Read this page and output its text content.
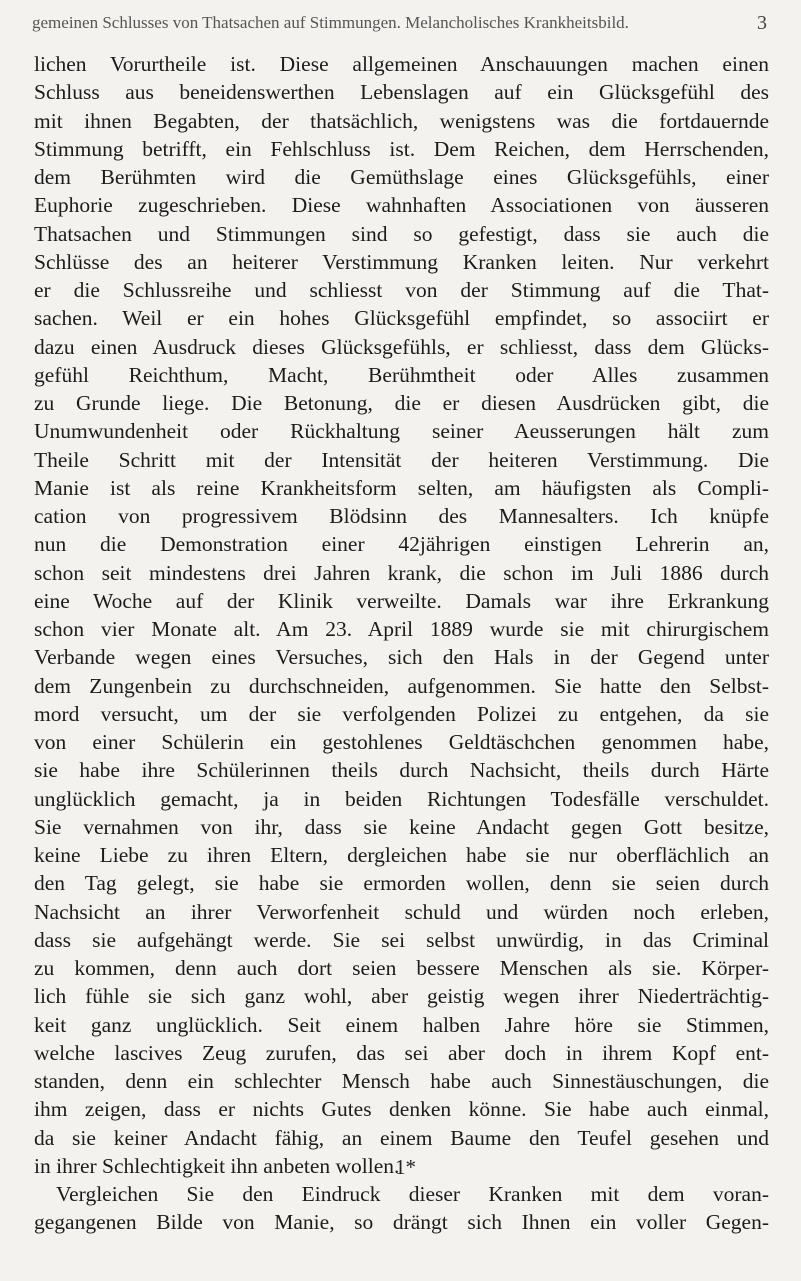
gemeinen Schlusses von Thatsachen auf Stimmungen. Melancholisches Krankheitsbild.	3
lichen Vorurtheile ist. Diese allgemeinen Anschauungen machen einen
Schluss aus beneidenswerthen Lebenslagen auf ein Glücksgefühl des
mit ihnen Begabten, der thatsächlich, wenigstens was die fortdauernde
Stimmung betrifft, ein Fehlschluss ist. Dem Reichen, dem Herrschenden,
dem Berühmten wird die Gemüthslage eines Glücksgefühls, einer
Euphorie zugeschrieben. Diese wahnhaften Associationen von äusseren
Thatsachen und Stimmungen sind so gefestigt, dass sie auch die
Schlüsse des an heiterer Verstimmung Kranken leiten. Nur verkehrt
er die Schlussreihe und schliesst von der Stimmung auf die That-
sachen. Weil er ein hohes Glücksgefühl empfindet, so associirt er
dazu einen Ausdruck dieses Glücksgefühls, er schliesst, dass dem Glücks-
gefühl Reichthum, Macht, Berühmtheit oder Alles zusammen
zu Grunde liege. Die Betonung, die er diesen Ausdrücken gibt, die
Unumwundenheit oder Rückhaltung seiner Aeusserungen hält zum
Theile Schritt mit der Intensität der heiteren Verstimmung. Die
Manie ist als reine Krankheitsform selten, am häufigsten als Compli-
cation von progressivem Blödsinn des Mannesalters. Ich knüpfe
nun die Demonstration einer 42jährigen einstigen Lehrerin an,
schon seit mindestens drei Jahren krank, die schon im Juli 1886 durch
eine Woche auf der Klinik verweilte. Damals war ihre Erkrankung
schon vier Monate alt. Am 23. April 1889 wurde sie mit chirurgischem
Verbande wegen eines Versuches, sich den Hals in der Gegend unter
dem Zungenbein zu durchschneiden, aufgenommen. Sie hatte den Selbst-
mord versucht, um der sie verfolgenden Polizei zu entgehen, da sie
von einer Schülerin ein gestohlenes Geldtäschchen genommen habe,
sie habe ihre Schülerinnen theils durch Nachsicht, theils durch Härte
unglücklich gemacht, ja in beiden Richtungen Todesfälle verschuldet.
Sie vernahmen von ihr, dass sie keine Andacht gegen Gott besitze,
keine Liebe zu ihren Eltern, dergleichen habe sie nur oberflächlich an
den Tag gelegt, sie habe sie ermorden wollen, denn sie seien durch
Nachsicht an ihrer Verworfenheit schuld und würden noch erleben,
dass sie aufgehängt werde. Sie sei selbst unwürdig, in das Criminal
zu kommen, denn auch dort seien bessere Menschen als sie. Körper-
lich fühle sie sich ganz wohl, aber geistig wegen ihrer Niederträchtig-
keit ganz unglücklich. Seit einem halben Jahre höre sie Stimmen,
welche lascives Zeug zurufen, das sei aber doch in ihrem Kopf ent-
standen, denn ein schlechter Mensch habe auch Sinnestäuschungen, die
ihm zeigen, dass er nichts Gutes denken könne. Sie habe auch einmal,
da sie keiner Andacht fähig, an einem Baume den Teufel gesehen und
in ihrer Schlechtigkeit ihn anbeten wollen.
Vergleichen Sie den Eindruck dieser Kranken mit dem voran-
gegangenen Bilde von Manie, so drängt sich Ihnen ein voller Gegen-
1*
